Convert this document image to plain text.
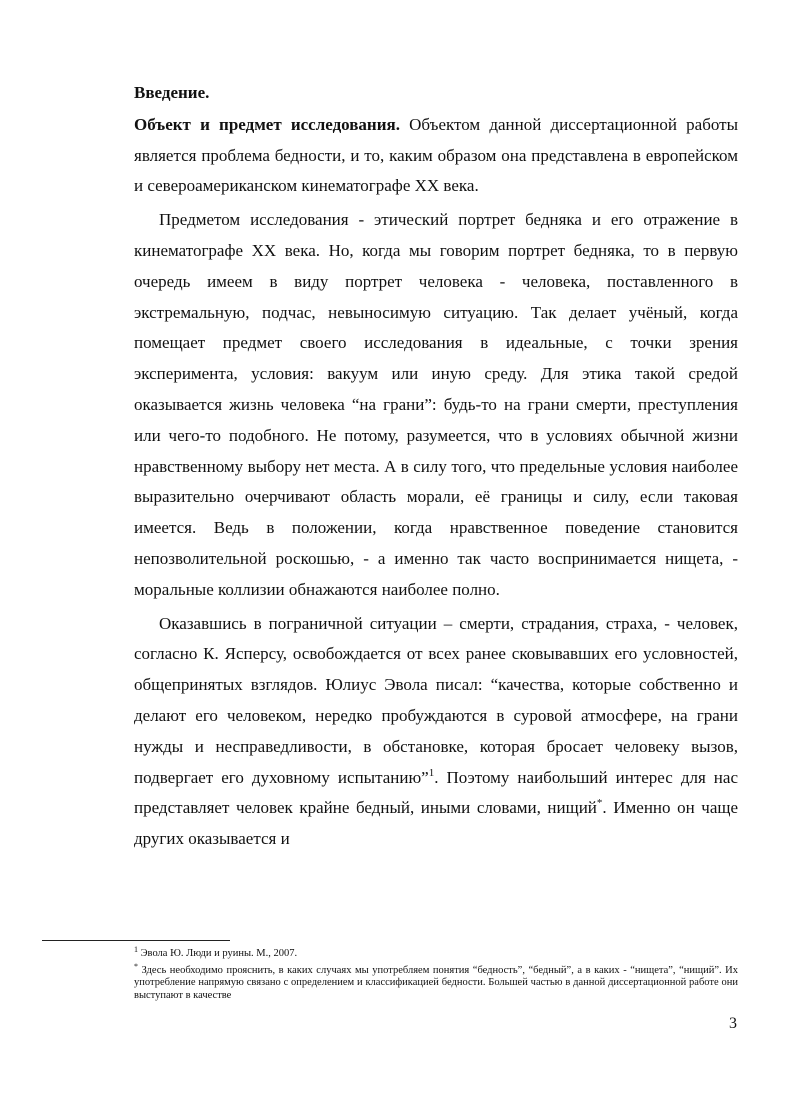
Введение.

Объект и предмет исследования. Объектом данной диссертационной работы является проблема бедности, и то, каким образом она представлена в европейском и североамериканском кинематографе XX века.

Предметом исследования - этический портрет бедняка и его отражение в кинематографе XX века. Но, когда мы говорим портрет бедняка, то в первую очередь имеем в виду портрет человека - человека, поставленного в экстремальную, подчас, невыносимую ситуацию. Так делает учёный, когда помещает предмет своего исследования в идеальные, с точки зрения эксперимента, условия: вакуум или иную среду. Для этика такой средой оказывается жизнь человека “на грани”: будь-то на грани смерти, преступления или чего-то подобного. Не потому, разумеется, что в условиях обычной жизни нравственному выбору нет места. А в силу того, что предельные условия наиболее выразительно очерчивают область морали, её границы и силу, если таковая имеется. Ведь в положении, когда нравственное поведение становится непозволительной роскошью, - а именно так часто воспринимается нищета, - моральные коллизии обнажаются наиболее полно.

Оказавшись в пограничной ситуации – смерти, страдания, страха, - человек, согласно К. Ясперсу, освобождается от всех ранее сковывавших его условностей, общепринятых взглядов. Юлиус Эвола писал: “качества, которые собственно и делают его человеком, нередко пробуждаются в суровой атмосфере, на грани нужды и несправедливости, в обстановке, которая бросает человеку вызов, подвергает его духовному испытанию”$^1$. Поэтому наибольший интерес для нас представляет человек крайне бедный, иными словами, нищий*. Именно он чаще других оказывается и

$^1$ Эвола Ю. Люди и руины. М., 2007.

* Здесь необходимо прояснить, в каких случаях мы употребляем понятия “бедность”, “бедный”, а в каких - “нищета”, “нищий”. Их употребление напрямую связано с определением и классификацией бедности. Большей частью в данной диссертационной работе они выступают в качестве

3
